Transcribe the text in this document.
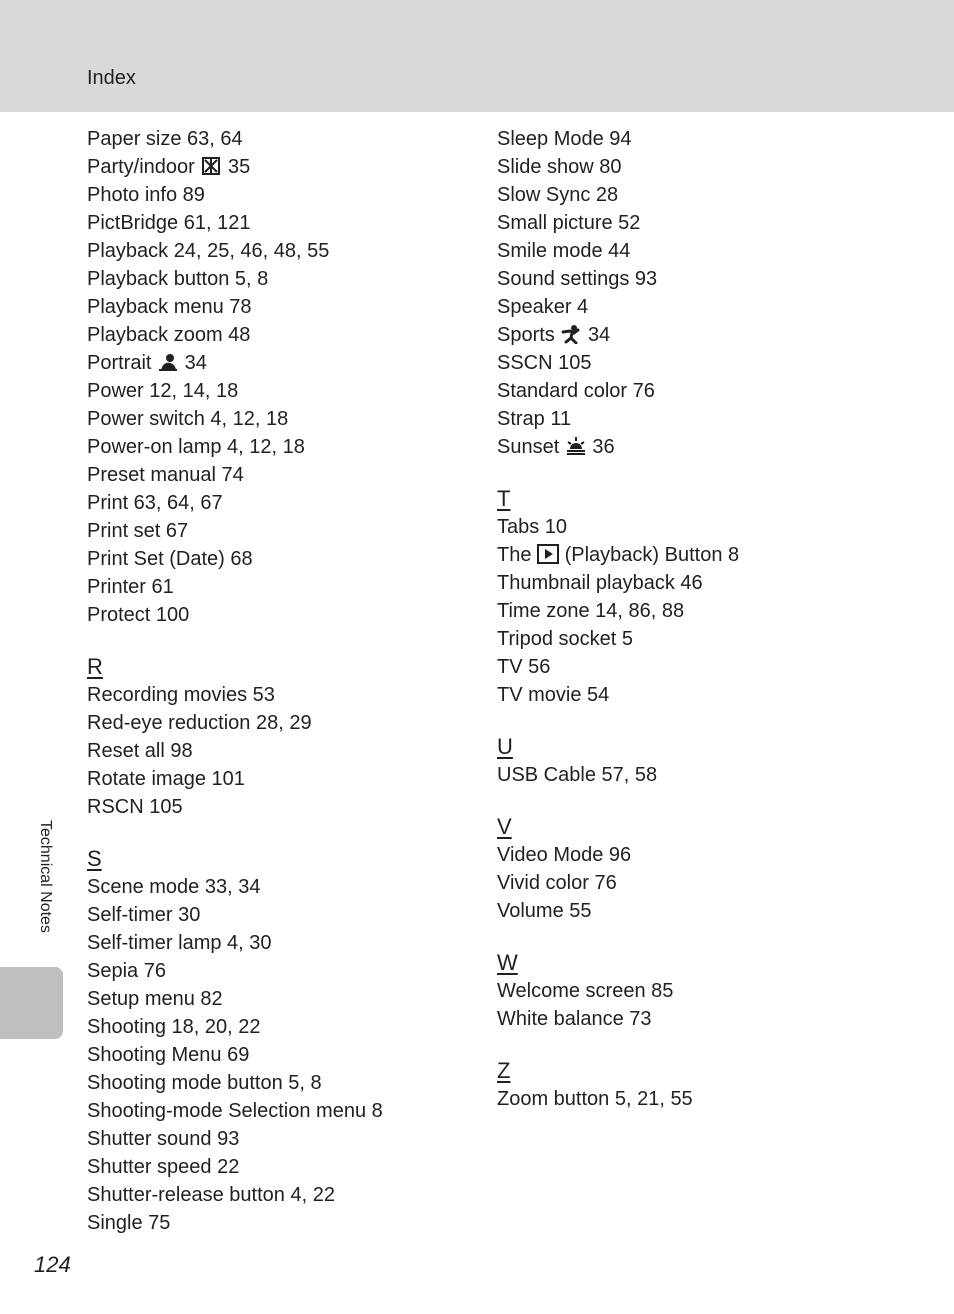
Index
Paper size 63, 64
Party/indoor 35
Photo info 89
PictBridge 61, 121
Playback 24, 25, 46, 48, 55
Playback button 5, 8
Playback menu 78
Playback zoom 48
Portrait 34
Power 12, 14, 18
Power switch 4, 12, 18
Power-on lamp 4, 12, 18
Preset manual 74
Print 63, 64, 67
Print set 67
Print Set (Date) 68
Printer 61
Protect 100
R
Recording movies 53
Red-eye reduction 28, 29
Reset all 98
Rotate image 101
RSCN 105
S
Scene mode 33, 34
Self-timer 30
Self-timer lamp 4, 30
Sepia 76
Setup menu 82
Shooting 18, 20, 22
Shooting Menu 69
Shooting mode button 5, 8
Shooting-mode Selection menu 8
Shutter sound 93
Shutter speed 22
Shutter-release button 4, 22
Single 75
Sleep Mode 94
Slide show 80
Slow Sync 28
Small picture 52
Smile mode 44
Sound settings 93
Speaker 4
Sports 34
SSCN 105
Standard color 76
Strap 11
Sunset 36
T
Tabs 10
The (Playback) Button 8
Thumbnail playback 46
Time zone 14, 86, 88
Tripod socket 5
TV 56
TV movie 54
U
USB Cable 57, 58
V
Video Mode 96
Vivid color 76
Volume 55
W
Welcome screen 85
White balance 73
Z
Zoom button 5, 21, 55
Technical Notes
124
